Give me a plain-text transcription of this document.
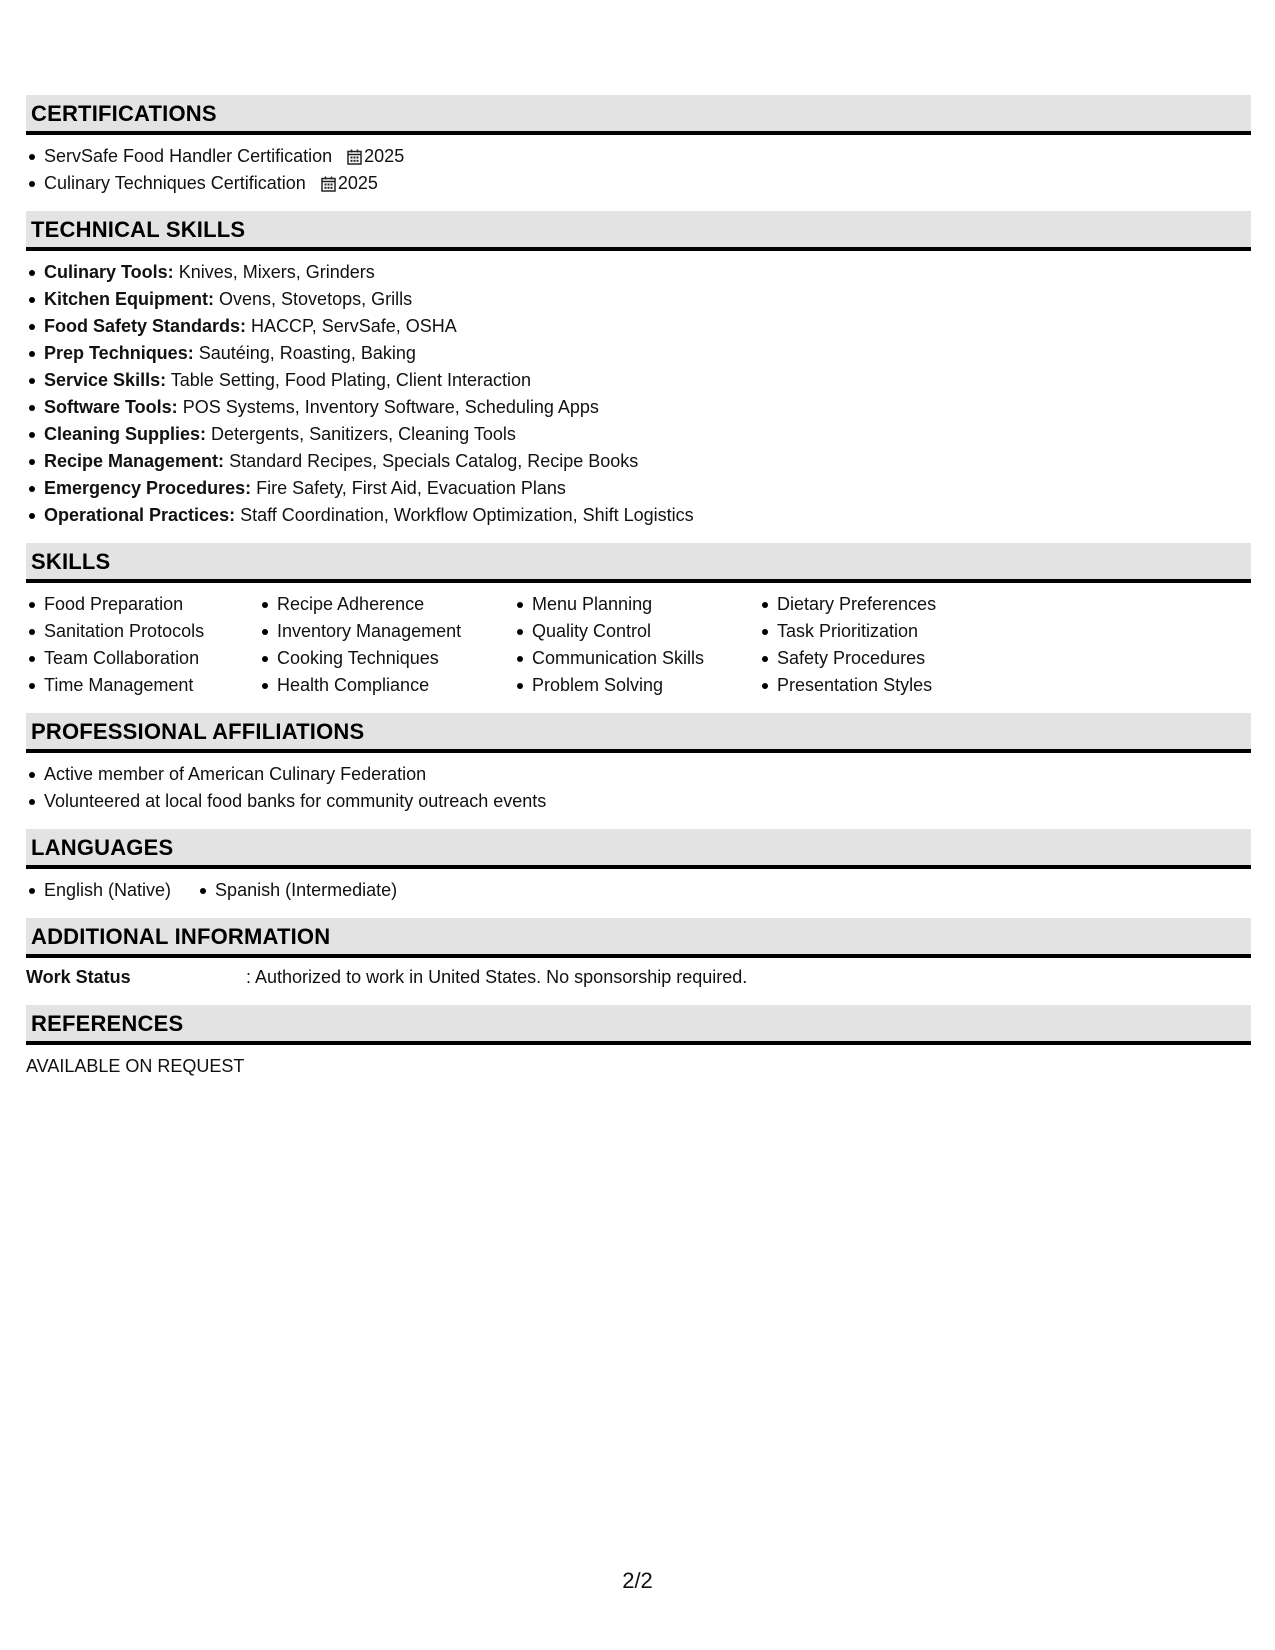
CERTIFICATIONS
ServSafe Food Handler Certification 2025
Culinary Techniques Certification 2025
TECHNICAL SKILLS
Culinary Tools: Knives, Mixers, Grinders
Kitchen Equipment: Ovens, Stovetops, Grills
Food Safety Standards: HACCP, ServSafe, OSHA
Prep Techniques: Sautéing, Roasting, Baking
Service Skills: Table Setting, Food Plating, Client Interaction
Software Tools: POS Systems, Inventory Software, Scheduling Apps
Cleaning Supplies: Detergents, Sanitizers, Cleaning Tools
Recipe Management: Standard Recipes, Specials Catalog, Recipe Books
Emergency Procedures: Fire Safety, First Aid, Evacuation Plans
Operational Practices: Staff Coordination, Workflow Optimization, Shift Logistics
SKILLS
Food Preparation
Sanitation Protocols
Team Collaboration
Time Management
Recipe Adherence
Inventory Management
Cooking Techniques
Health Compliance
Menu Planning
Quality Control
Communication Skills
Problem Solving
Dietary Preferences
Task Prioritization
Safety Procedures
Presentation Styles
PROFESSIONAL AFFILIATIONS
Active member of American Culinary Federation
Volunteered at local food banks for community outreach events
LANGUAGES
English (Native) Spanish (Intermediate)
ADDITIONAL INFORMATION
Work Status	: Authorized to work in United States. No sponsorship required.
REFERENCES
AVAILABLE ON REQUEST
2/2
